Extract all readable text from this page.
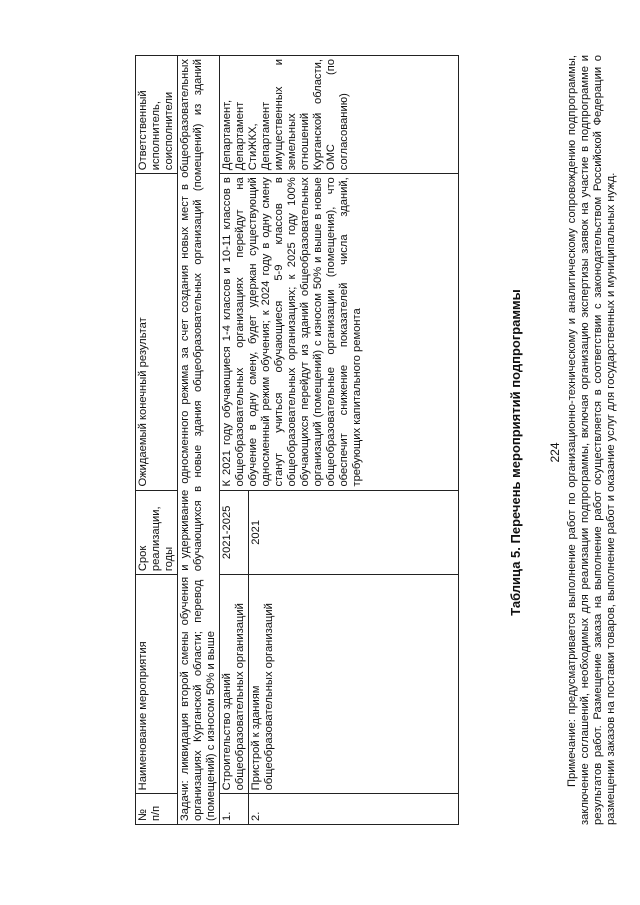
224
Таблица 5. Перечень мероприятий подпрограммы
№ п/п	Наименование мероприятия	Срок реализации, годы	Ожидаемый конечный результат	Ответственный исполнитель, соисполнители
Задачи: ликвидация второй смены обучения и удерживание односменного режима за счет создания новых мест в общеобразовательных организациях Курганской области; перевод обучающихся в новые здания общеобразовательных организаций (помещений) из зданий (помещений) с износом 50% и выше				
1.	Строительство зданий общеобразовательных организаций	2021-2025	К 2021 году обучающиеся 1-4 классов и 10-11 классов в общеобразовательных организациях перейдут на обучение в одну смену, будет удержан существующий односменный режим обучения; к 2024 году в одну смену станут учиться обучающиеся 5-9 классов в общеобразовательных организациях; к 2025 году 100% обучающихся перейдут из зданий общеобразовательных организаций (помещений) с износом 50% и выше в новые общеобразовательные организации (помещения), что обеспечит снижение показателей числа зданий, требующих капитального ремонта	Департамент, Департамент СтиЖКХ, Департамент имущественных и земельных отношений Курганской области, ОМС (по согласованию)
2.	Пристрой к зданиям общеобразовательных организаций	2021			Примечание: предусматривается выполнение работ по организационно-техническому и аналитическому сопровождению подпрограммы, заключение соглашений, необходимых для реализации подпрограммы, включая организацию экспертизы заявок на участие в подпрограмме и результатов работ. Размещение заказа на выполнение работ осуществляется в соответствии с законодательством Российской Федерации о размещении заказов на поставки товаров, выполнение работ и оказание услуг для государственных и муниципальных нужд.
